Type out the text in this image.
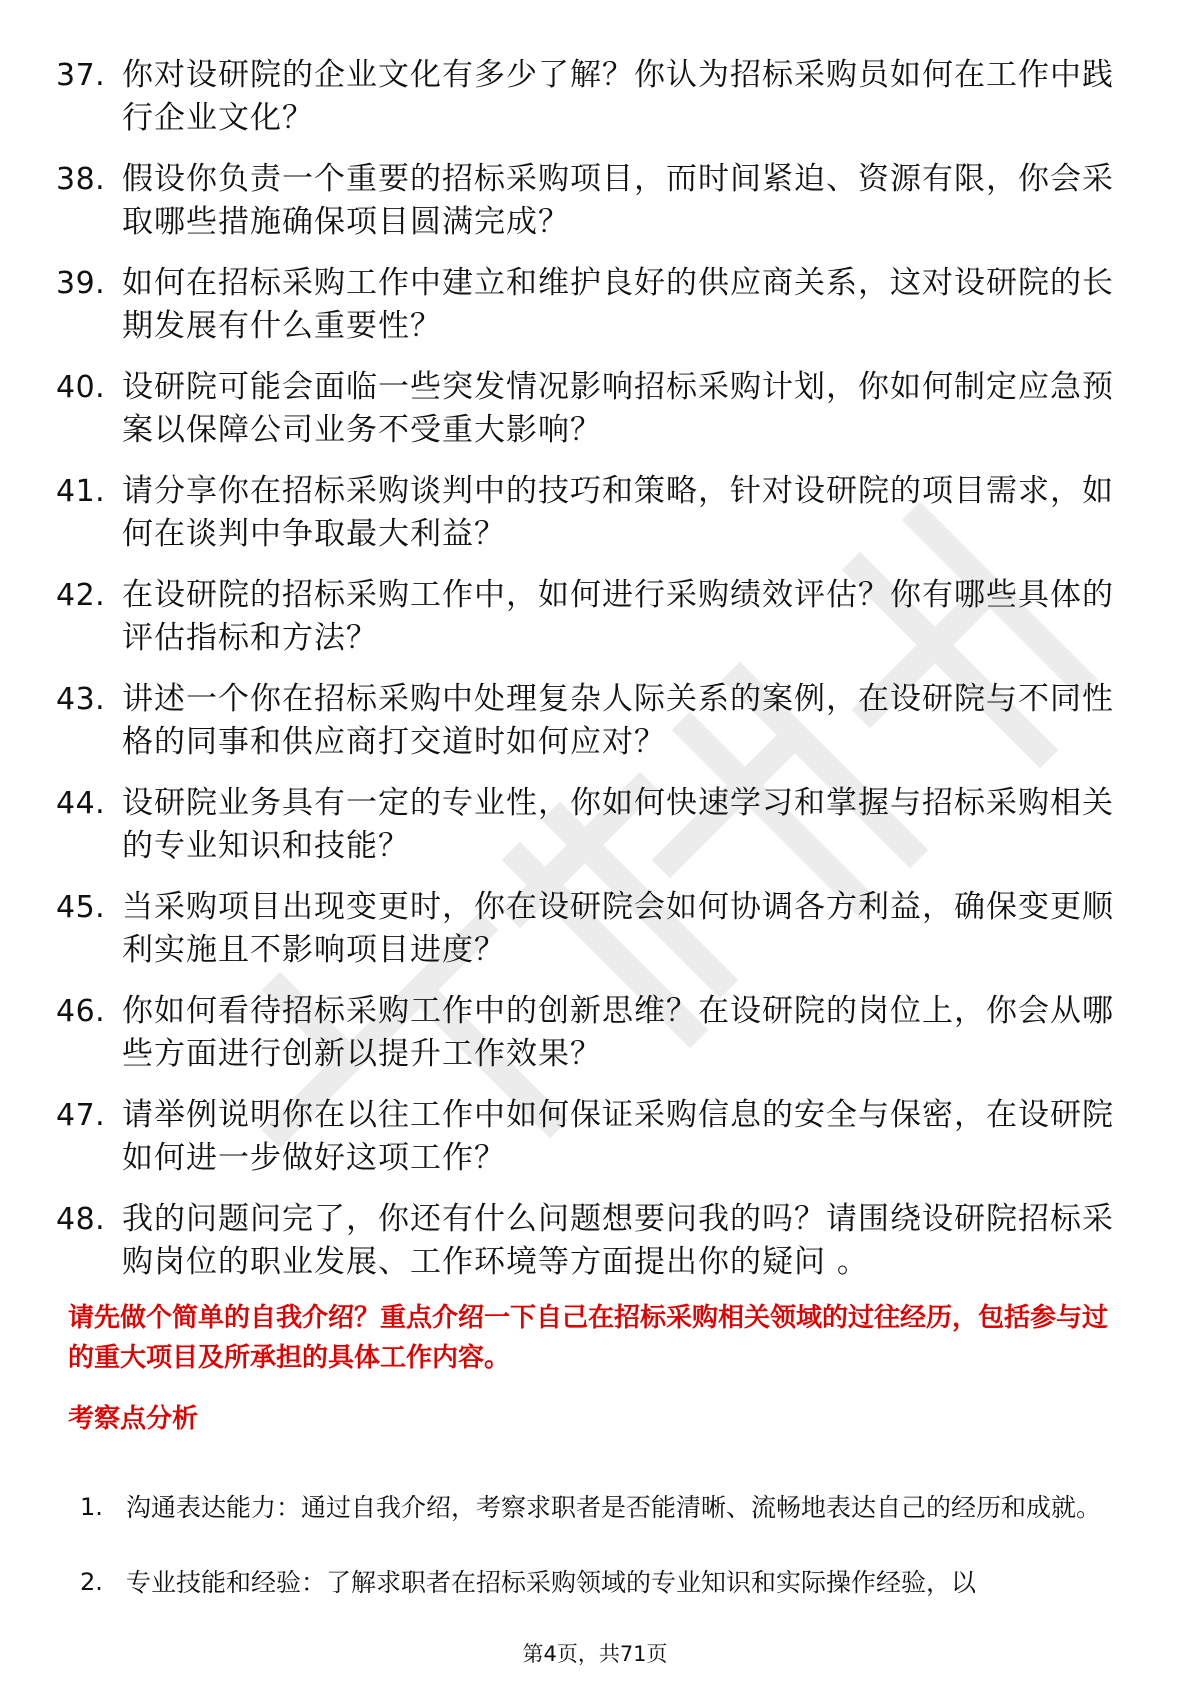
37. 你对设研院的企业文化有多少了解？你认为招标采购员如何在工作中践行企业文化？
38. 假设你负责一个重要的招标采购项目，而时间紧迫、资源有限，你会采取哪些措施确保项目圆满完成？
39. 如何在招标采购工作中建立和维护良好的供应商关系，这对设研院的长期发展有什么重要性？
40. 设研院可能会面临一些突发情况影响招标采购计划，你如何制定应急预案以保障公司业务不受重大影响？
41. 请分享你在招标采购谈判中的技巧和策略，针对设研院的项目需求，如何在谈判中争取最大利益？
42. 在设研院的招标采购工作中，如何进行采购绩效评估？你有哪些具体的评估指标和方法？
43. 讲述一个你在招标采购中处理复杂人际关系的案例，在设研院与不同性格的同事和供应商打交道时如何应对？
44. 设研院业务具有一定的专业性，你如何快速学习和掌握与招标采购相关的专业知识和技能？
45. 当采购项目出现变更时，你在设研院会如何协调各方利益，确保变更顺利实施且不影响项目进度？
46. 你如何看待招标采购工作中的创新思维？在设研院的岗位上，你会从哪些方面进行创新以提升工作效果？
47. 请举例说明你在以往工作中如何保证采购信息的安全与保密，在设研院如何进一步做好这项工作？
48. 我的问题问完了，你还有什么问题想要问我的吗？请围绕设研院招标采购岗位的职业发展、工作环境等方面提出你的疑问 。
请先做个简单的自我介绍？重点介绍一下自己在招标采购相关领域的过往经历，包括参与过的重大项目及所承担的具体工作内容。
考察点分析
1. 沟通表达能力：通过自我介绍，考察求职者是否能清晰、流畅地表达自己的经历和成就。
2. 专业技能和经验：了解求职者在招标采购领域的专业知识和实际操作经验，以
第4页，共71页
